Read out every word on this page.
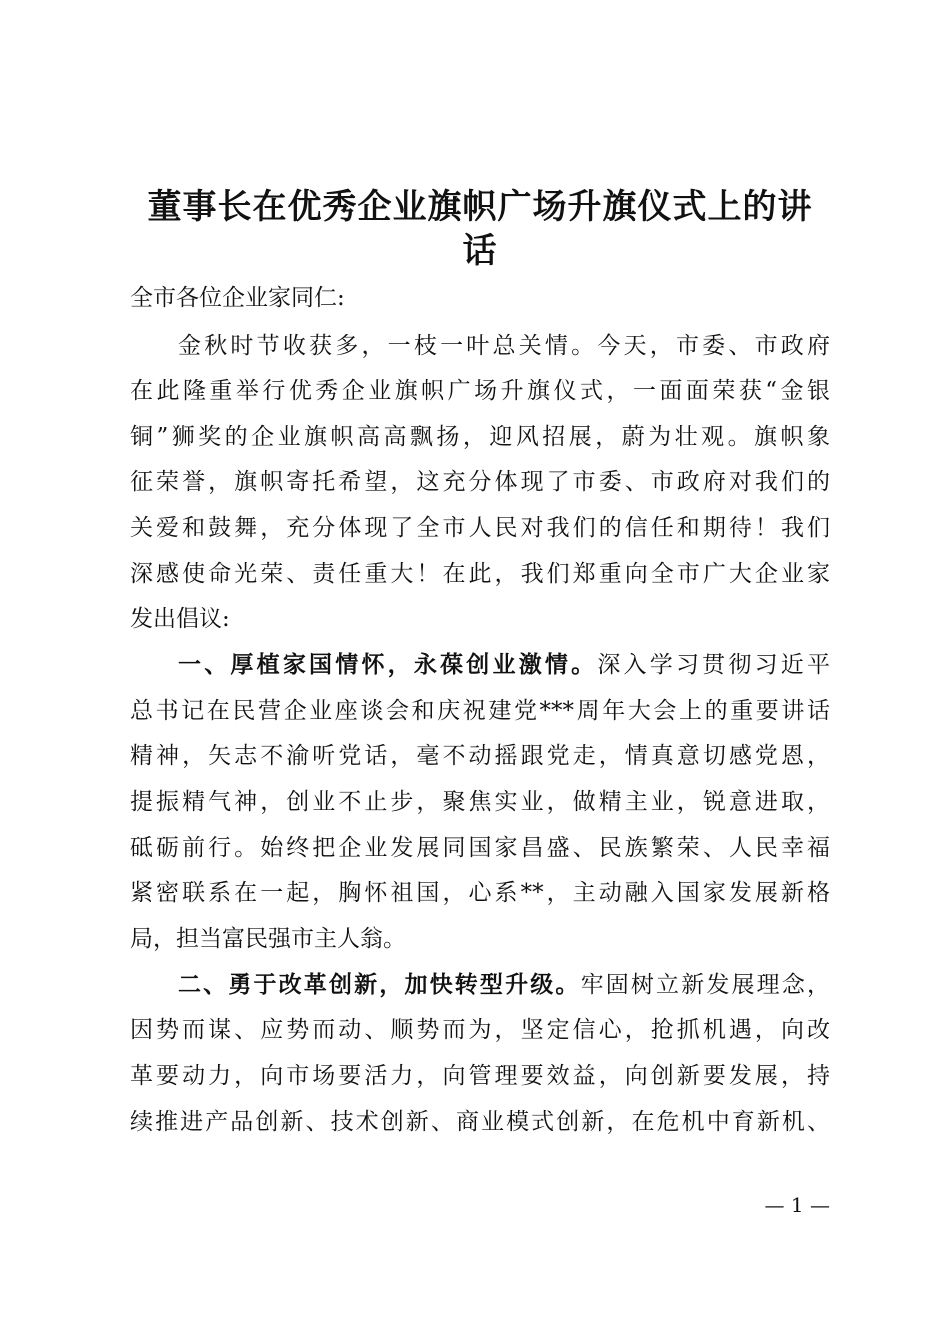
董事长在优秀企业旗帜广场升旗仪式上的讲
话
全市各位企业家同仁:
金秋时节收获多，一枝一叶总关情。今天，市委、市政府
在此隆重举行优秀企业旗帜广场升旗仪式，一面面荣获“金银
铜”狮奖的企业旗帜高高飘扬，迎风招展，蔚为壮观。旗帜象
征荣誉，旗帜寄托希望，这充分体现了市委、市政府对我们的
关爱和鼓舞，充分体现了全市人民对我们的信任和期待！我们
深感使命光荣、责任重大！在此，我们郑重向全市广大企业家
发出倡议:
一、厚植家国情怀，永葆创业激情。深入学习贯彻习近平
总书记在民营企业座谈会和庆祝建党***周年大会上的重要讲话
精神，矢志不渝听党话，毫不动摇跟党走，情真意切感党恩，
提振精气神，创业不止步，聚焦实业，做精主业，锐意进取，
砥砺前行。始终把企业发展同国家昌盛、民族繁荣、人民幸福
紧密联系在一起，胸怀祖国，心系**，主动融入国家发展新格
局，担当富民强市主人翁。
二、勇于改革创新，加快转型升级。牢固树立新发展理念，
因势而谋、应势而动、顺势而为，坚定信心，抢抓机遇，向改
革要动力，向市场要活力，向管理要效益，向创新要发展，持
续推进产品创新、技术创新、商业模式创新，在危机中育新机、
— 1 —
